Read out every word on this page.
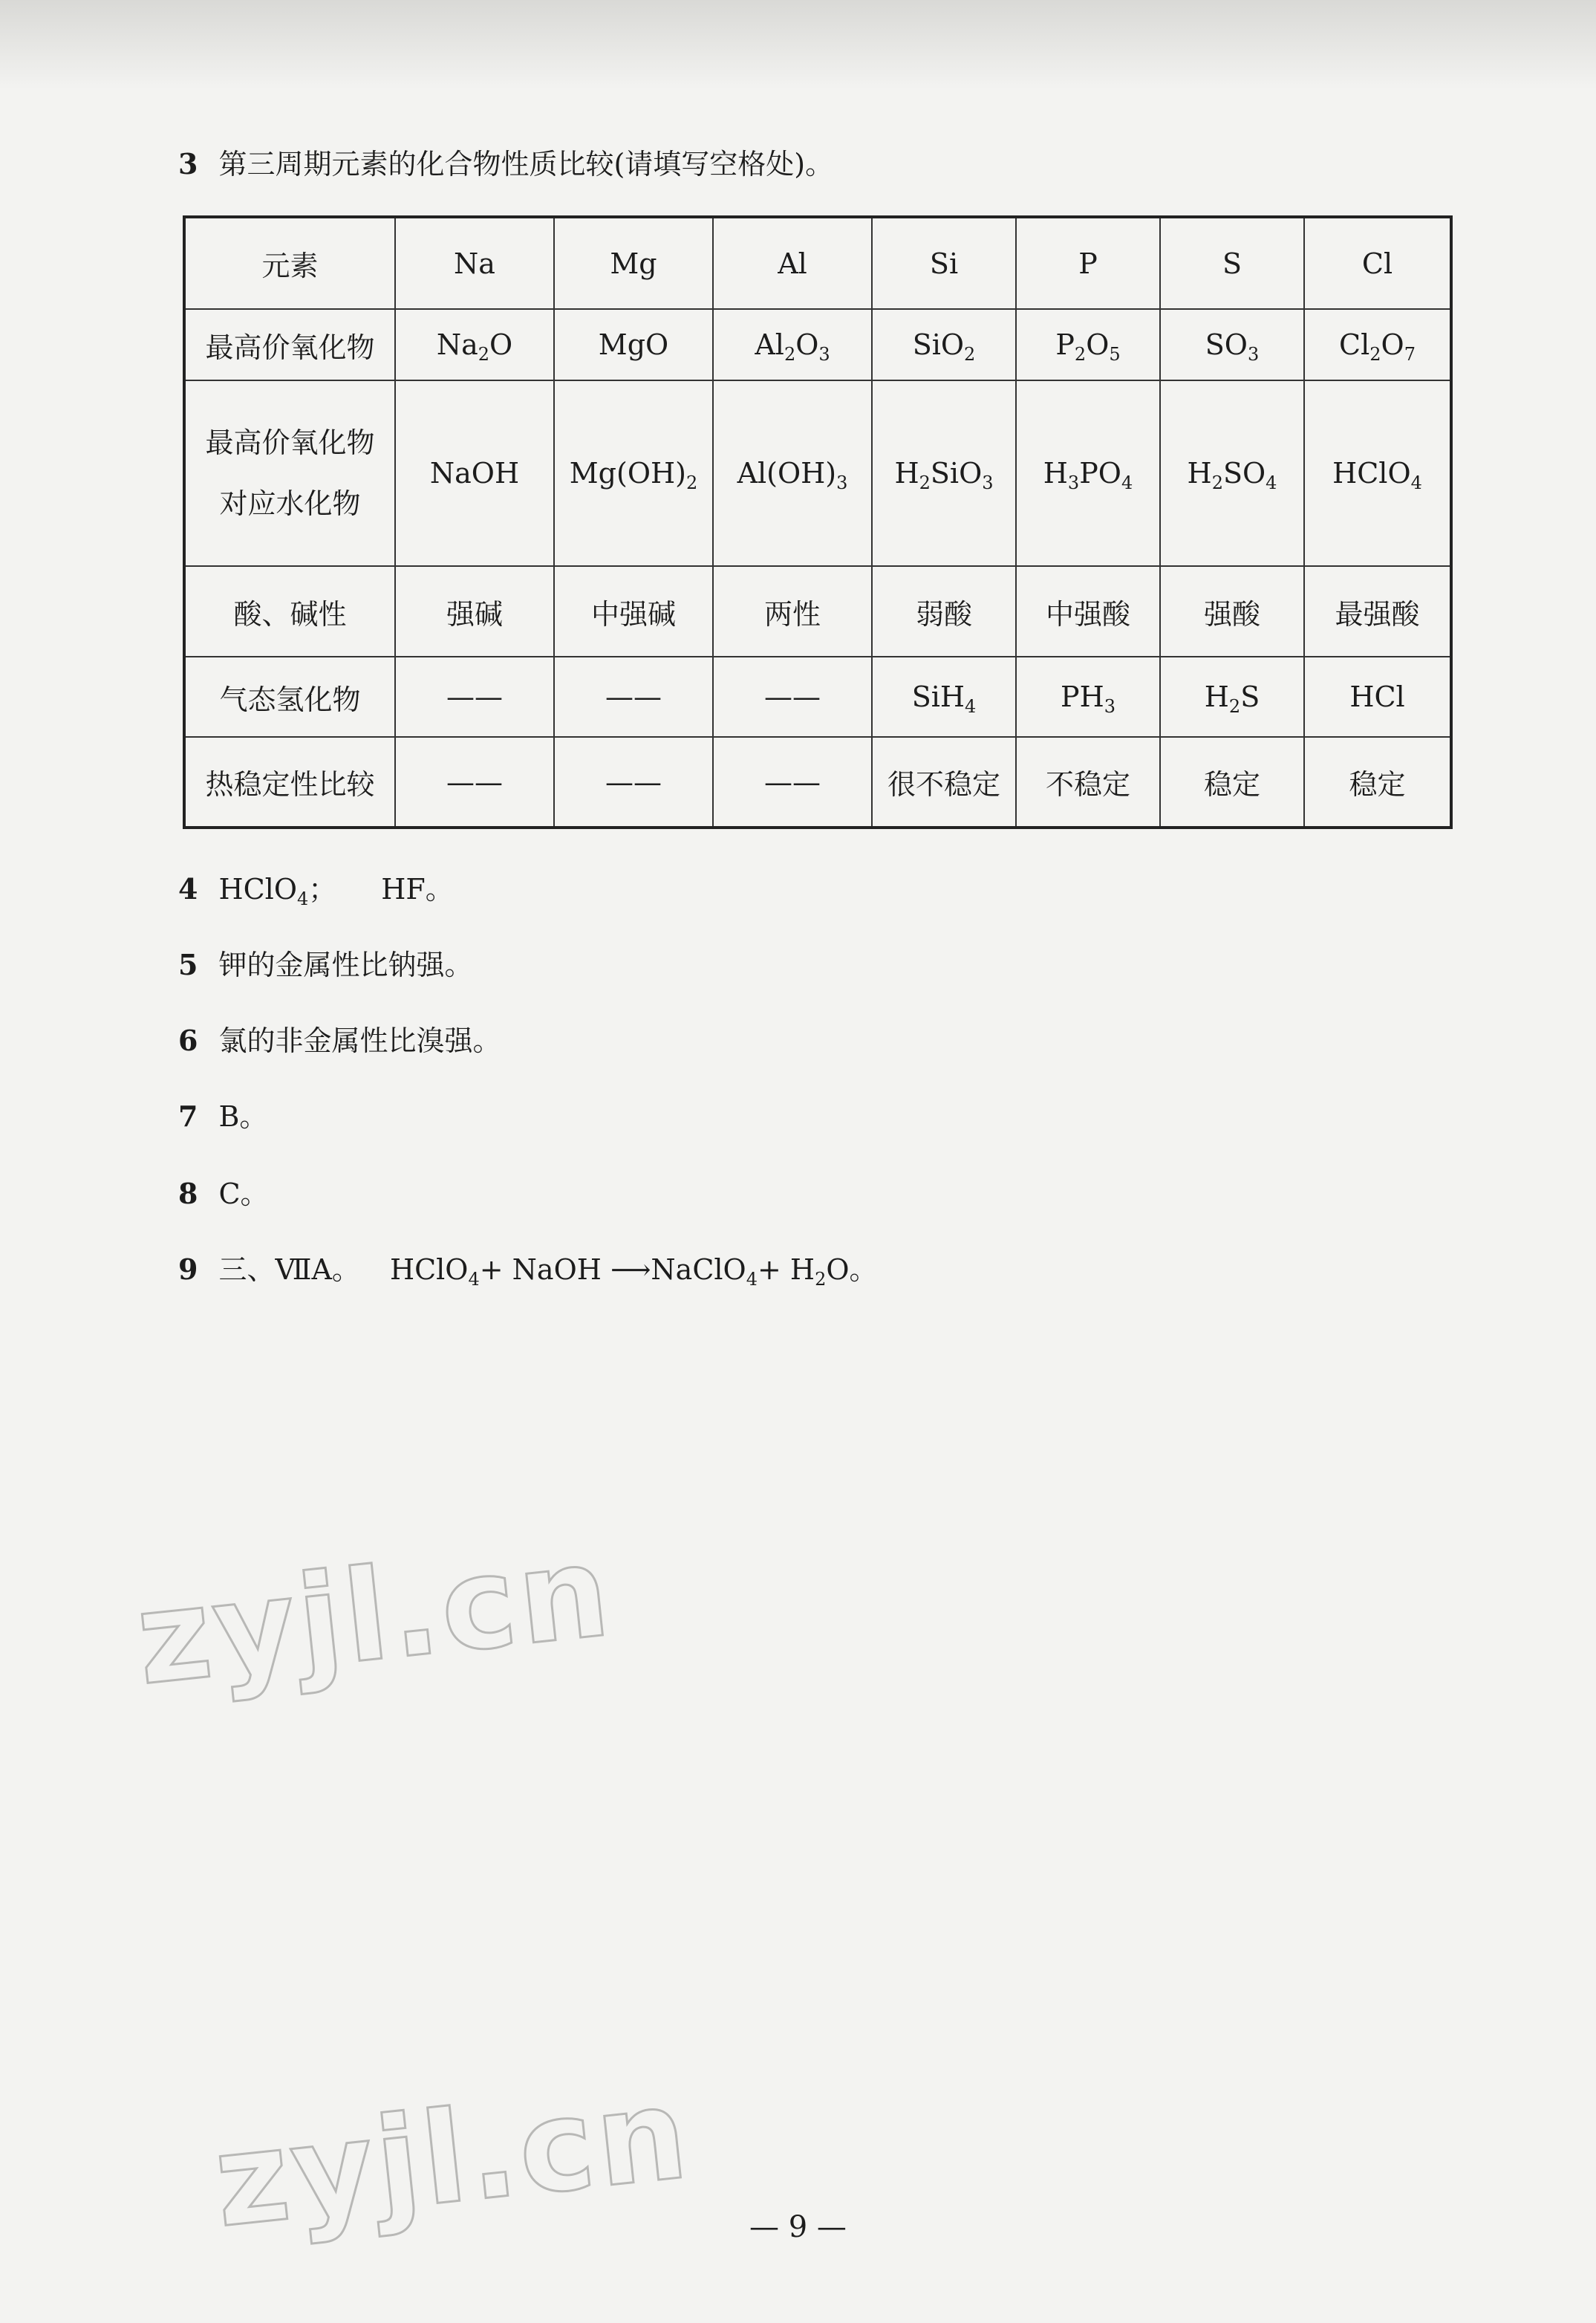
3 第三周期元素的化合物性质比较(请填写空格处)。
元素	Na	Mg	Al	Si	P	S	Cl
最高价氧化物	$Na_2O$	MgO	$Al_2O_3$	SiO$_2$	$P_2O_5$	$SO_3$	$Cl_2O_7$

最高价氧化物
对应水化物	NaOH	$Mg(OH)_2$	$Al(OH)_3$	$H_2SiO_3$	$H_3PO_4$	$H_2SO_4$	HClO$_4$
酸、碱性	强碱	中强碱	两性	弱酸	中强酸	强酸	最强酸
气态氢化物	——	——	——	SiH$_4$	$PH_3$	$H_2S$	HCl
热稳定性比较	——	——	——	很不稳定	不稳定	稳定	稳定
4 HClO$_4$； HF。
5 钾的金属性比钠强。
6 氯的非金属性比溴强。
7 B。
8 C。
9 三、ⅦA。 HClO$_4$+ NaOH ⟶NaClO$_4$+ $H_2O$。
zyjl.cn
zyjl.cn	— 9 —
